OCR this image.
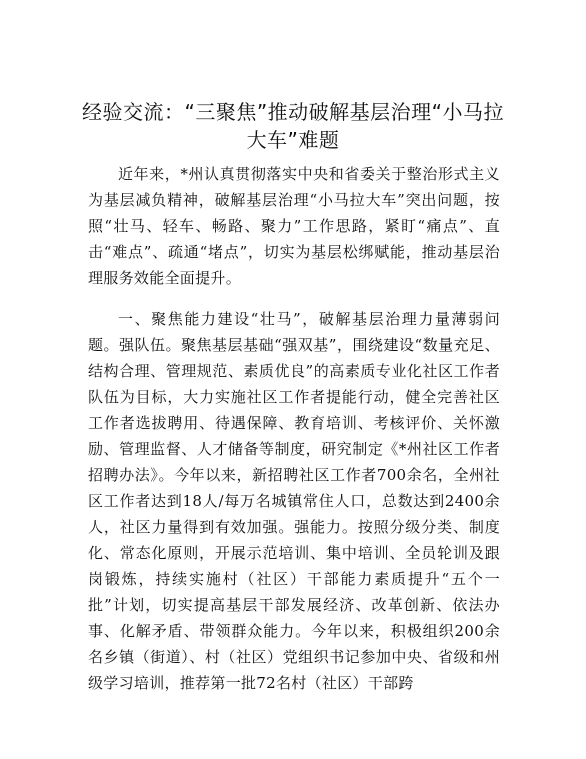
经验交流：“三聚焦”推动破解基层治理“小马拉大车”难题

近年来，*州认真贯彻落实中央和省委关于整治形式主义为基层减负精神，破解基层治理“小马拉大车”突出问题，按照“壮马、轻车、畅路、聚力”工作思路，紧盯“痛点”、直击“难点”、疏通“堵点”，切实为基层松绑赋能，推动基层治理服务效能全面提升。

一、聚焦能力建设“壮马”，破解基层治理力量薄弱问题。强队伍。聚焦基层基础“强双基”，围绕建设“数量充足、结构合理、管理规范、素质优良”的高素质专业化社区工作者队伍为目标，大力实施社区工作者提能行动，健全完善社区工作者选拔聘用、待遇保障、教育培训、考核评价、关怀激励、管理监督、人才储备等制度，研究制定《*州社区工作者招聘办法》。今年以来，新招聘社区工作者700余名，全州社区工作者达到18人/每万名城镇常住人口，总数达到2400余人，社区力量得到有效加强。强能力。按照分级分类、制度化、常态化原则，开展示范培训、集中培训、全员轮训及跟岗锻炼，持续实施村（社区）干部能力素质提升“五个一批”计划，切实提高基层干部发展经济、改革创新、依法办事、化解矛盾、带领群众能力。今年以来，积极组织200余名乡镇（街道）、村（社区）党组织书记参加中央、省级和州级学习培训，推荐第一批72名村（社区）干部跨
